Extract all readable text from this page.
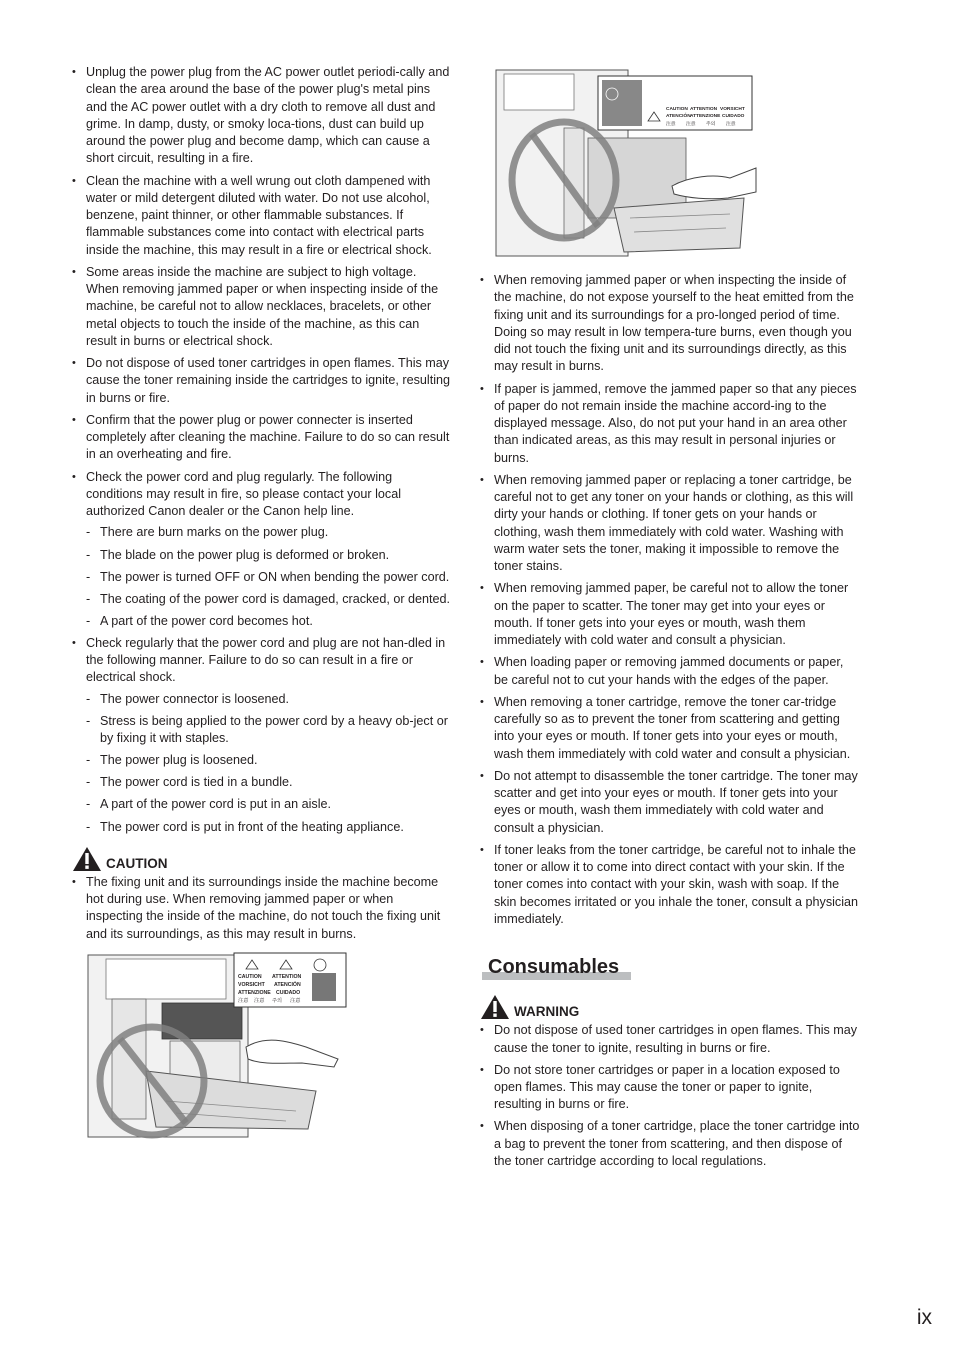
• Unplug the power plug from the AC power outlet periodi-cally and clean the area around the base of the power plug's metal pins and the AC power outlet with a dry cloth to remove all dust and grime. In damp, dusty, or smoky loca-tions, dust can build up around the power plug and become damp, which can cause a short circuit, resulting in a fire.
• Clean the machine with a well wrung out cloth dampened with water or mild detergent diluted with water. Do not use alcohol, benzene, paint thinner, or other flammable substances. If flammable substances come into contact with electrical parts inside the machine, this may result in a fire or electrical shock.
• Some areas inside the machine are subject to high voltage. When removing jammed paper or when inspecting inside of the machine, be careful not to allow necklaces, bracelets, or other metal objects to touch the inside of the machine, as this can result in burns or electrical shock.
• Do not dispose of used toner cartridges in open flames. This may cause the toner remaining inside the cartridges to ignite, resulting in burns or fire.
• Confirm that the power plug or power connecter is inserted completely after cleaning the machine. Failure to do so can result in an overheating and fire.
• Check the power cord and plug regularly. The following conditions may result in fire, so please contact your local authorized Canon dealer or the Canon help line.
- There are burn marks on the power plug.
- The blade on the power plug is deformed or broken.
- The power is turned OFF or ON when bending the power cord.
- The coating of the power cord is damaged, cracked, or dented.
- A part of the power cord becomes hot.
• Check regularly that the power cord and plug are not han-dled in the following manner. Failure to do so can result in a fire or electrical shock.
- The power connector is loosened.
- Stress is being applied to the power cord by a heavy ob-ject or by fixing it with staples.
- The power plug is loosened.
- The power cord is tied in a bundle.
- A part of the power cord is put in an aisle.
- The power cord is put in front of the heating appliance.
CAUTION
• The fixing unit and its surroundings inside the machine become hot during use. When removing jammed paper or when inspecting the inside of the machine, do not touch the fixing unit and its surroundings, as this may result in burns.
CAUTION ATTENTION
VORSICHT ATENCIÓN
ATTENZIONE CUIDADO
注意 注意 주의 注意
CAUTION ATTENTION VORSICHT
ATENCIÓN ATTENZIONE CUIDADO
注意 注意 주의 注意
• When removing jammed paper or when inspecting the inside of the machine, do not expose yourself to the heat emitted from the fixing unit and its surroundings for a pro-longed period of time. Doing so may result in low tempera-ture burns, even though you did not touch the fixing unit and its surroundings directly, as this may result in burns.
• If paper is jammed, remove the jammed paper so that any pieces of paper do not remain inside the machine accord-ing to the displayed message. Also, do not put your hand in an area other than indicated areas, as this may result in personal injuries or burns.
• When removing jammed paper or replacing a toner cartridge, be careful not to get any toner on your hands or clothing, as this will dirty your hands or clothing. If toner gets on your hands or clothing, wash them immediately with cold water. Washing with warm water sets the toner, making it impossible to remove the toner stains.
• When removing jammed paper, be careful not to allow the toner on the paper to scatter. The toner may get into your eyes or mouth. If toner gets into your eyes or mouth, wash them immediately with cold water and consult a physician.
• When loading paper or removing jammed documents or paper, be careful not to cut your hands with the edges of the paper.
• When removing a toner cartridge, remove the toner car-tridge carefully so as to prevent the toner from scattering and getting into your eyes or mouth. If toner gets into your eyes or mouth, wash them immediately with cold water and consult a physician.
• Do not attempt to disassemble the toner cartridge. The toner may scatter and get into your eyes or mouth. If toner gets into your eyes or mouth, wash them immediately with cold water and consult a physician.
• If toner leaks from the toner cartridge, be careful not to inhale the toner or allow it to come into direct contact with your skin. If the toner comes into contact with your skin, wash with soap. If the skin becomes irritated or you inhale the toner, consult a physician immediately.
Consumables
WARNING
• Do not dispose of used toner cartridges in open flames. This may cause the toner to ignite, resulting in burns or fire.
• Do not store toner cartridges or paper in a location exposed to open flames. This may cause the toner or paper to ignite, resulting in burns or fire.
• When disposing of a toner cartridge, place the toner cartridge into a bag to prevent the toner from scattering, and then dispose of the toner cartridge according to local regulations.
ix
